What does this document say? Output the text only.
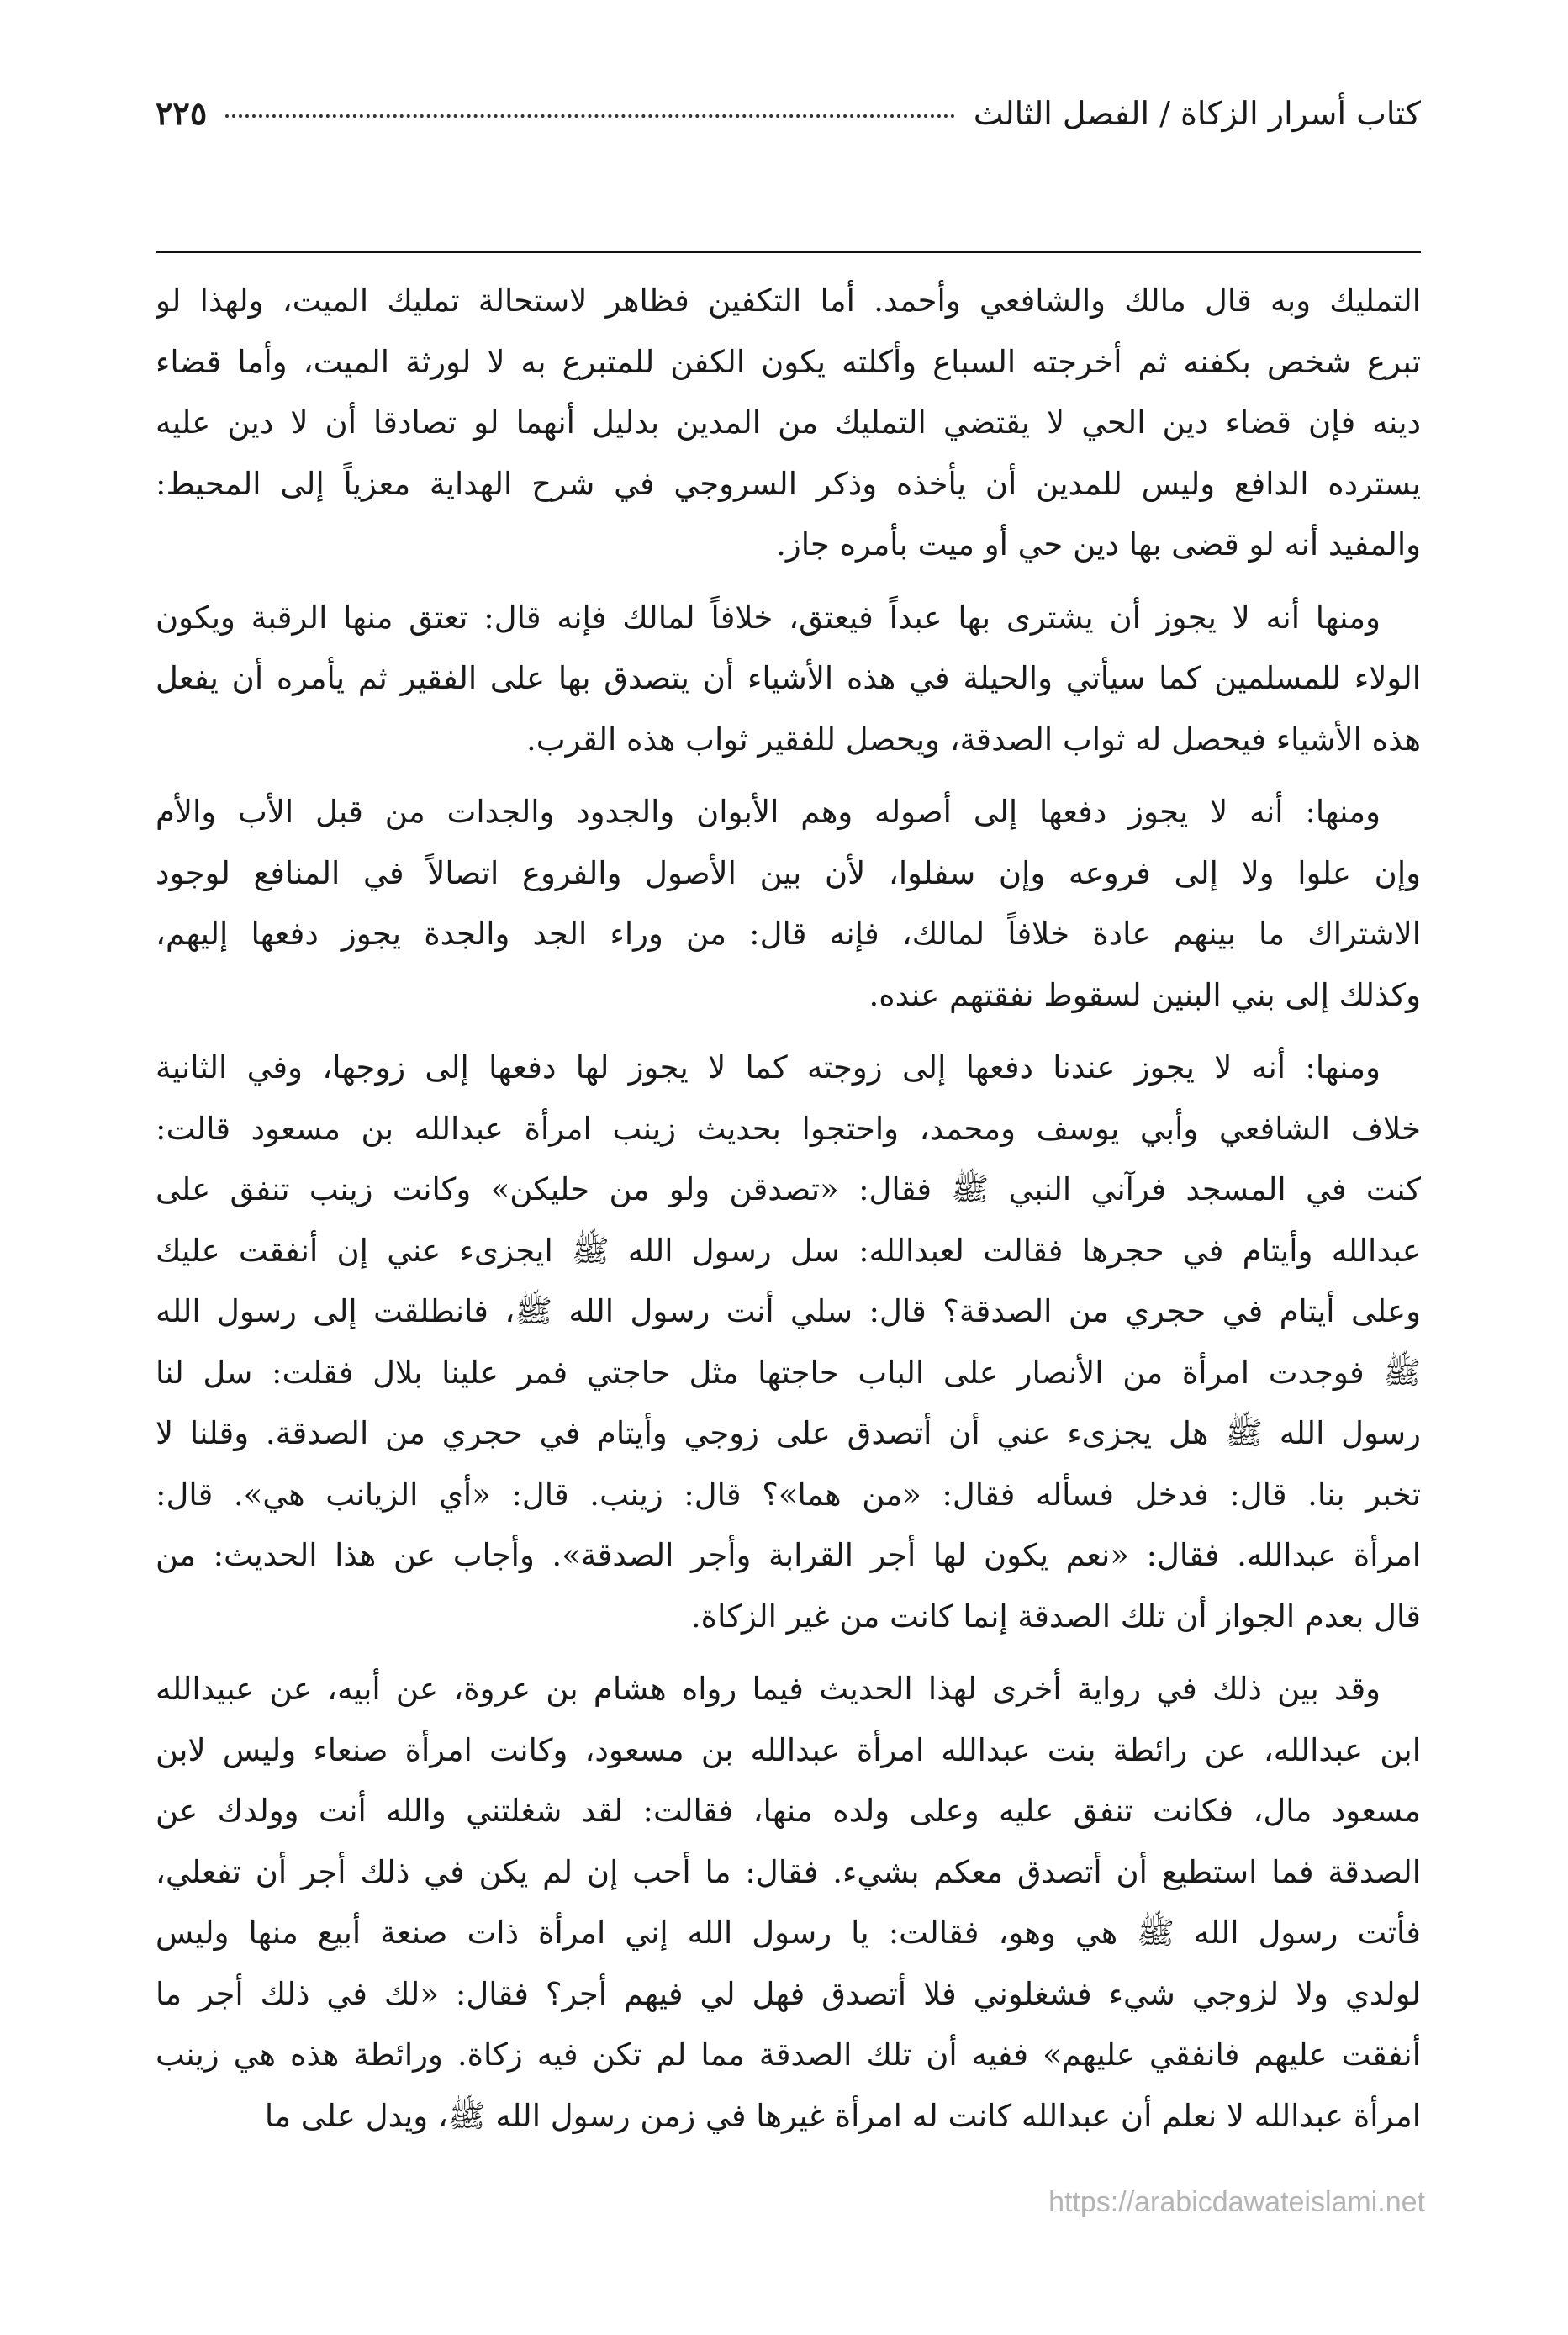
كتاب أسرار الزكاة / الفصل الثالث
٢٢٥
التمليك وبه قال مالك والشافعي وأحمد. أما التكفين فظاهر لاستحالة تمليك الميت، ولهذا لو
تبرع شخص بكفنه ثم أخرجته السباع وأكلته يكون الكفن للمتبرع به لا لورثة الميت، وأما قضاء
دينه فإن قضاء دين الحي لا يقتضي التمليك من المدين بدليل أنهما لو تصادقا أن لا دين عليه
يسترده الدافع وليس للمدين أن يأخذه وذكر السروجي في شرح الهداية معزياً إلى المحيط:
والمفيد أنه لو قضى بها دين حي أو ميت بأمره جاز.
ومنها أنه لا يجوز أن يشترى بها عبداً فيعتق، خلافاً لمالك فإنه قال: تعتق منها الرقبة ويكون
الولاء للمسلمين كما سيأتي والحيلة في هذه الأشياء أن يتصدق بها على الفقير ثم يأمره أن يفعل
هذه الأشياء فيحصل له ثواب الصدقة، ويحصل للفقير ثواب هذه القرب.
ومنها: أنه لا يجوز دفعها إلى أصوله وهم الأبوان والجدود والجدات من قبل الأب والأم
وإن علوا ولا إلى فروعه وإن سفلوا، لأن بين الأصول والفروع اتصالاً في المنافع لوجود
الاشتراك ما بينهم عادة خلافاً لمالك، فإنه قال: من وراء الجد والجدة يجوز دفعها إليهم،
وكذلك إلى بني البنين لسقوط نفقتهم عنده.
ومنها: أنه لا يجوز عندنا دفعها إلى زوجته كما لا يجوز لها دفعها إلى زوجها، وفي الثانية
خلاف الشافعي وأبي يوسف ومحمد، واحتجوا بحديث زينب امرأة عبدالله بن مسعود قالت:
كنت في المسجد فرآني النبي ﷺ فقال: «تصدقن ولو من حليكن» وكانت زينب تنفق على
عبدالله وأيتام في حجرها فقالت لعبدالله: سل رسول الله ﷺ ايجزىء عني إن أنفقت عليك
وعلى أيتام في حجري من الصدقة؟ قال: سلي أنت رسول الله ﷺ، فانطلقت إلى رسول الله
ﷺ فوجدت امرأة من الأنصار على الباب حاجتها مثل حاجتي فمر علينا بلال فقلت: سل لنا
رسول الله ﷺ هل يجزىء عني أن أتصدق على زوجي وأيتام في حجري من الصدقة. وقلنا لا
تخبر بنا. قال: فدخل فسأله فقال: «من هما»؟ قال: زينب. قال: «أي الزيانب هي». قال:
امرأة عبدالله. فقال: «نعم يكون لها أجر القرابة وأجر الصدقة». وأجاب عن هذا الحديث: من
قال بعدم الجواز أن تلك الصدقة إنما كانت من غير الزكاة.
وقد بين ذلك في رواية أخرى لهذا الحديث فيما رواه هشام بن عروة، عن أبيه، عن عبيدالله
ابن عبدالله، عن رائطة بنت عبدالله امرأة عبدالله بن مسعود، وكانت امرأة صنعاء وليس لابن
مسعود مال، فكانت تنفق عليه وعلى ولده منها، فقالت: لقد شغلتني والله أنت وولدك عن
الصدقة فما استطيع أن أتصدق معكم بشيء. فقال: ما أحب إن لم يكن في ذلك أجر أن تفعلي،
فأتت رسول الله ﷺ هي وهو، فقالت: يا رسول الله إني امرأة ذات صنعة أبيع منها وليس
لولدي ولا لزوجي شيء فشغلوني فلا أتصدق فهل لي فيهم أجر؟ فقال: «لك في ذلك أجر ما
أنفقت عليهم فانفقي عليهم» ففيه أن تلك الصدقة مما لم تكن فيه زكاة. ورائطة هذه هي زينب
امرأة عبدالله لا نعلم أن عبدالله كانت له امرأة غيرها في زمن رسول الله ﷺ، ويدل على ما
https://arabicdawateislami.net
